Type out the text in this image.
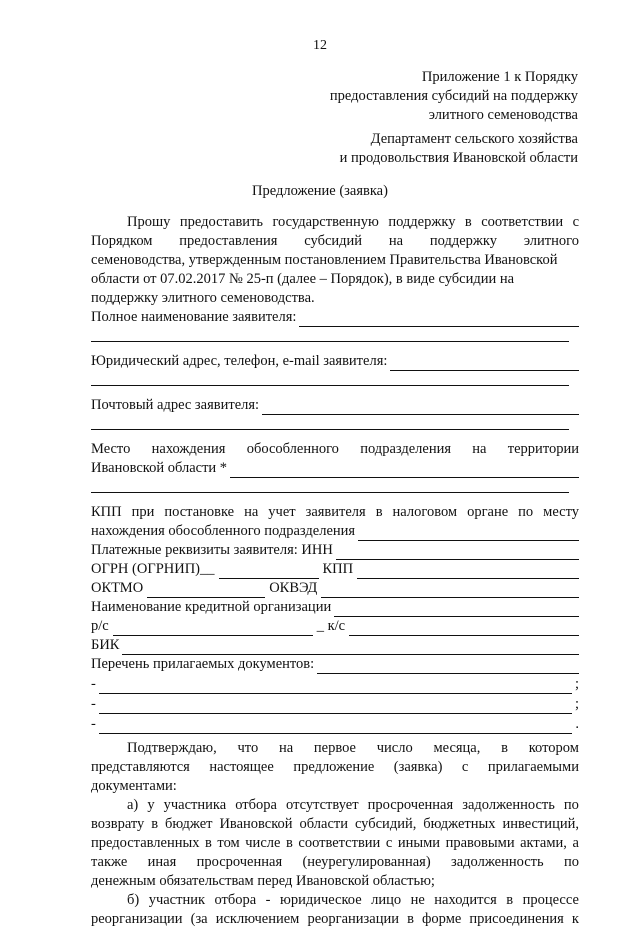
12
Приложение 1 к Порядку
предоставления субсидий на поддержку
элитного семеноводства
Департамент сельского хозяйства
и продовольствия Ивановской области
Предложение (заявка)
Прошу предоставить государственную поддержку в соответствии с
Порядком предоставления субсидий на поддержку элитного
семеноводства, утвержденным постановлением Правительства Ивановской
области от 07.02.2017 № 25-п (далее – Порядок), в виде субсидии на
поддержку элитного семеноводства.
Полное наименование заявителя:
Юридический адрес, телефон, e-mail заявителя:
Почтовый адрес заявителя:
Место нахождения обособленного подразделения на территории
Ивановской области *
КПП при постановке на учет заявителя в налоговом органе по месту
нахождения обособленного подразделения
Платежные реквизиты заявителя: ИНН
ОГРН (ОГРНИП)__	КПП
ОКТМО	ОКВЭД
Наименование кредитной организации
р/с	_ к/с
БИК
Перечень прилагаемых документов:
-	;
-	;
-	.
Подтверждаю, что на первое число месяца, в котором
представляются настоящее предложение (заявка) с прилагаемыми
документами:
а) у участника отбора отсутствует просроченная задолженность по
возврату в бюджет Ивановской области субсидий, бюджетных инвестиций,
предоставленных в том числе в соответствии с иными правовыми актами, а
также иная просроченная (неурегулированная) задолженность по
денежным обязательствам перед Ивановской областью;
б) участник отбора - юридическое лицо не находится в процессе
реорганизации (за исключением реорганизации в форме присоединения к
